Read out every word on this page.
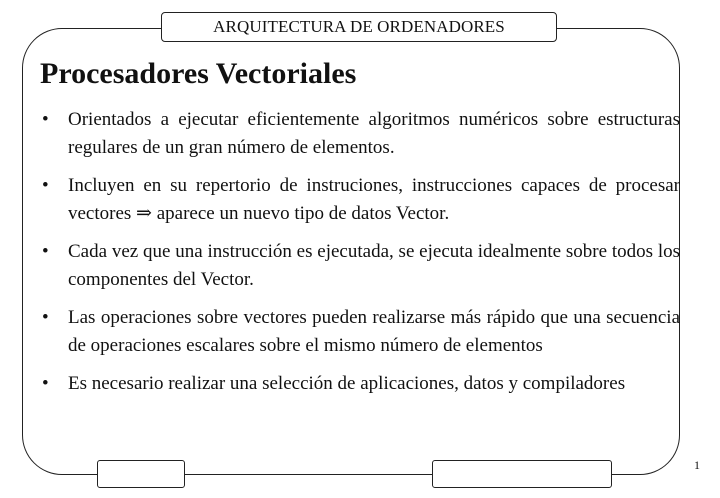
ARQUITECTURA DE ORDENADORES
Procesadores Vectoriales
• Orientados a ejecutar eficientemente algoritmos numéricos sobre estructuras regulares de un gran número de elementos.
• Incluyen en su repertorio de instruciones, instrucciones capaces de procesar vectores ⇒ aparece un nuevo tipo de datos Vector.
• Cada vez que una instrucción es ejecutada, se ejecuta idealmente sobre todos los componentes del Vector.
• Las operaciones sobre vectores pueden realizarse más rápido que una secuencia de operaciones escalares sobre el mismo número de elementos
• Es necesario realizar una selección de aplicaciones, datos y compiladores
1
